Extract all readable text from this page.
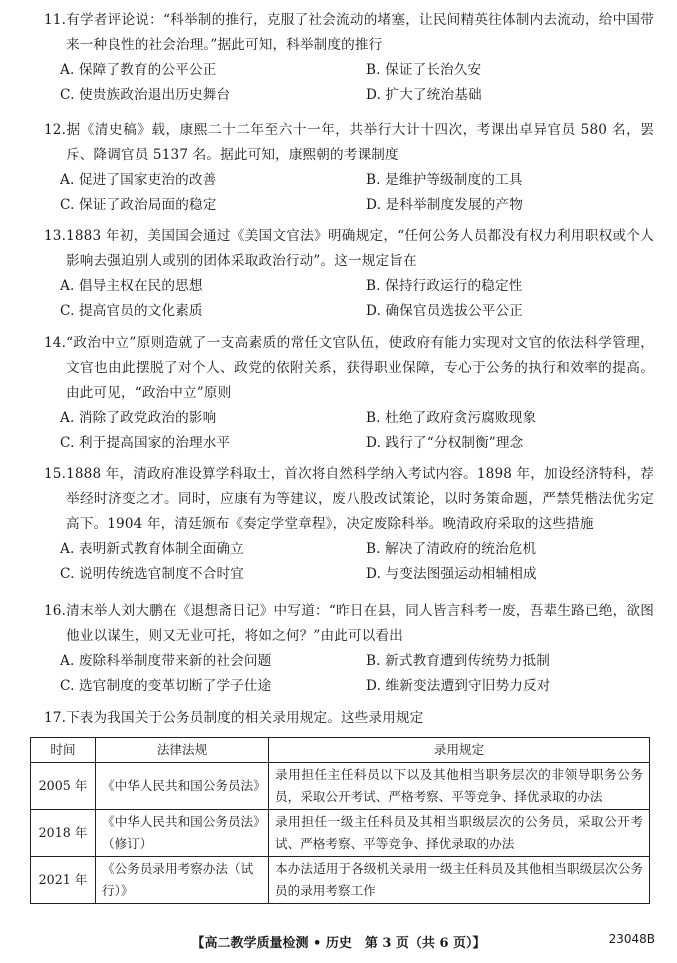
11.有学者评论说：“科举制的推行，克服了社会流动的堵塞，让民间精英往体制内去流动，给中国带来一种良性的社会治理。”据此可知，科举制度的推行
A. 保障了教育的公平公正	B. 保证了长治久安
C. 使贵族政治退出历史舞台	D. 扩大了统治基础
12.据《清史稿》载，康熙二十二年至六十一年，共举行大计十四次，考课出卓异官员 580 名，罢斥、降调官员 5137 名。据此可知，康熙朝的考课制度
A. 促进了国家吏治的改善	B. 是维护等级制度的工具
C. 保证了政治局面的稳定	D. 是科举制度发展的产物
13.1883 年初，美国国会通过《美国文官法》明确规定，“任何公务人员都没有权力利用职权或个人影响去强迫别人或别的团体采取政治行动”。这一规定旨在
A. 倡导主权在民的思想	B. 保持行政运行的稳定性
C. 提高官员的文化素质	D. 确保官员选拔公平公正
14.“政治中立”原则造就了一支高素质的常任文官队伍，使政府有能力实现对文官的依法科学管理，文官也由此摆脱了对个人、政党的依附关系，获得职业保障，专心于公务的执行和效率的提高。由此可见，“政治中立”原则
A. 消除了政党政治的影响	B. 杜绝了政府贪污腐败现象
C. 利于提高国家的治理水平	D. 践行了“分权制衡”理念
15.1888 年，清政府准设算学科取士，首次将自然科学纳入考试内容。1898 年，加设经济特科，荐举经时济变之才。同时，应康有为等建议，废八股改试策论，以时务策命题，严禁凭楷法优劣定高下。1904 年，清廷颁布《奏定学堂章程》，决定废除科举。晚清政府采取的这些措施
A. 表明新式教育体制全面确立	B. 解决了清政府的统治危机
C. 说明传统选官制度不合时宜	D. 与变法图强运动相辅相成
16.清末举人刘大鹏在《退想斋日记》中写道：“昨日在县，同人皆言科考一废，吾辈生路已绝，欲图他业以谋生，则又无业可托，将如之何？”由此可以看出
A. 废除科举制度带来新的社会问题	B. 新式教育遭到传统势力抵制
C. 选官制度的变革切断了学子仕途	D. 维新变法遭到守旧势力反对
17.下表为我国关于公务员制度的相关录用规定。这些录用规定
时间	法律法规	录用规定
2005 年	《中华人民共和国公务员法》	录用担任主任科员以下以及其他相当职务层次的非领导职务公务员，采取公开考试、严格考察、平等竞争、择优录取的办法
2018 年	《中华人民共和国公务员法》（修订）	录用担任一级主任科员及其相当职级层次的公务员，采取公开考试、严格考察、平等竞争、择优录取的办法
2021 年	《公务员录用考察办法（试行）》	本办法适用于各级机关录用一级主任科员及其他相当职级层次公务员的录用考察工作
【高二教学质量检测 • 历史　第 3 页（共 6 页）】	23048B
